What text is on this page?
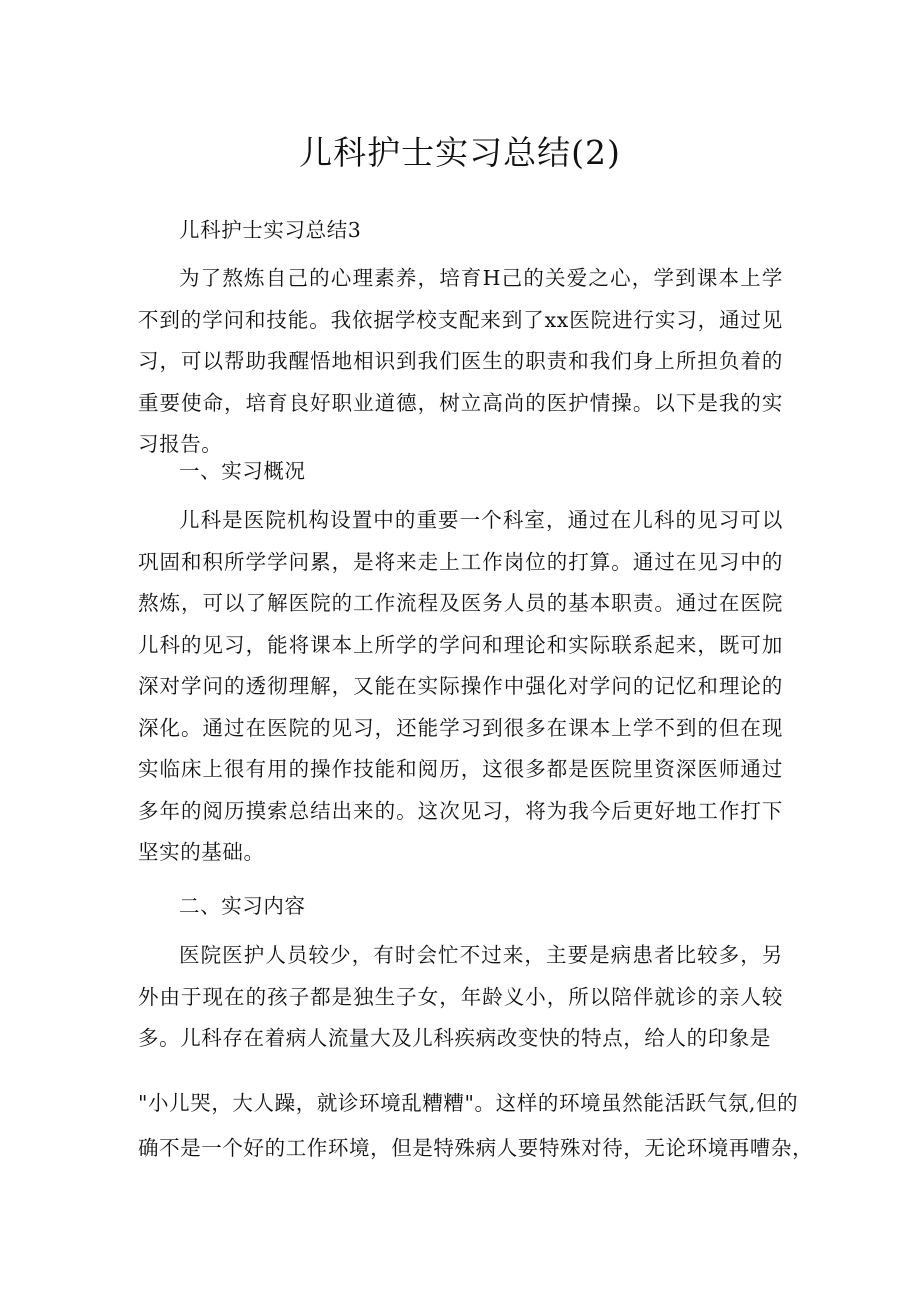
儿科护士实习总结(2)

儿科护士实习总结3

为了熬炼自己的心理素养，培育H己的关爱之心，学到课本上学不到的学问和技能。我依据学校支配来到了xx医院进行实习，通过见习，可以帮助我醒悟地相识到我们医生的职责和我们身上所担负着的重要使命，培育良好职业道德，树立高尚的医护情操。以下是我的实习报告。

一、实习概况

儿科是医院机构设置中的重要一个科室，通过在儿科的见习可以巩固和积所学学问累，是将来走上工作岗位的打算。通过在见习中的熬炼，可以了解医院的工作流程及医务人员的基本职责。通过在医院儿科的见习，能将课本上所学的学问和理论和实际联系起来，既可加深对学问的透彻理解，又能在实际操作中强化对学问的记忆和理论的深化。通过在医院的见习，还能学习到很多在课本上学不到的但在现实临床上很有用的操作技能和阅历，这很多都是医院里资深医师通过多年的阅历摸索总结出来的。这次见习，将为我今后更好地工作打下坚实的基础。

二、实习内容

医院医护人员较少，有时会忙不过来，主要是病患者比较多，另外由于现在的孩子都是独生子女，年龄义小，所以陪伴就诊的亲人较多。儿科存在着病人流量大及儿科疾病改变快的特点，给人的印象是

"小儿哭，大人躁，就诊环境乱糟糟"。这样的环境虽然能活跃气氛,但的

确不是一个好的工作环境，但是特殊病人要特殊对待，无论环境再嘈杂，
